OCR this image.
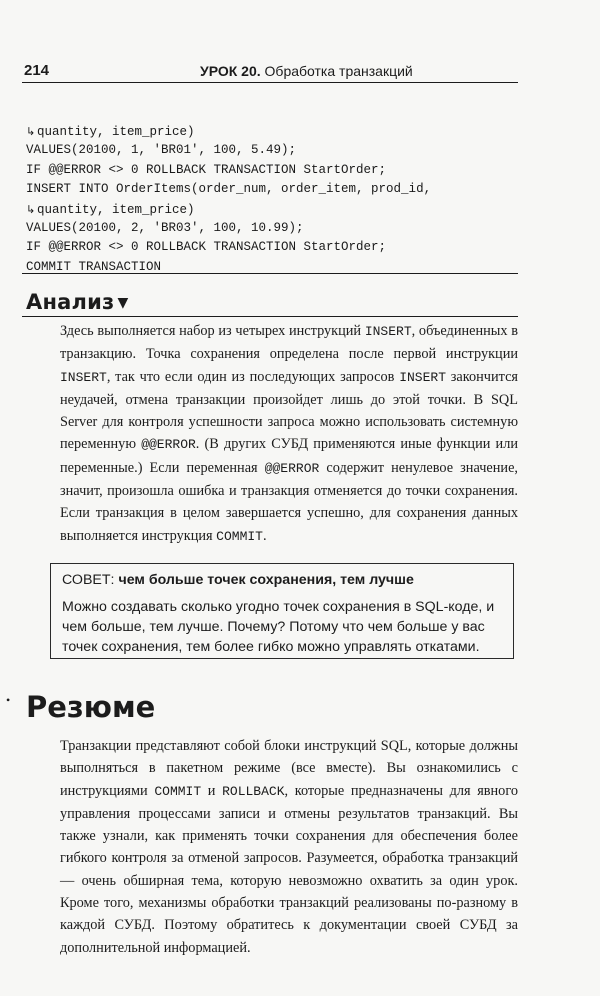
214	УРОК 20. Обработка транзакций
↳ quantity, item_price)
VALUES(20100, 1, 'BR01', 100, 5.49);
IF @@ERROR <> 0 ROLLBACK TRANSACTION StartOrder;
INSERT INTO OrderItems(order_num, order_item, prod_id,
↳ quantity, item_price)
VALUES(20100, 2, 'BR03', 100, 10.99);
IF @@ERROR <> 0 ROLLBACK TRANSACTION StartOrder;
COMMIT TRANSACTION
Анализ ▼
Здесь выполняется набор из четырех инструкций INSERT, объединенных в транзакцию. Точка сохранения определена после первой инструкции INSERT, так что если один из последующих запросов INSERT закончится неудачей, отмена транзакции произойдет лишь до этой точки. В SQL Server для контроля успешности запроса можно использовать системную переменную @@ERROR. (В других СУБД применяются иные функции или переменные.) Если переменная @@ERROR содержит ненулевое значение, значит, произошла ошибка и транзакция отменяется до точки сохранения. Если транзакция в целом завершается успешно, для сохранения данных выполняется инструкция COMMIT.
СОВЕТ: чем больше точек сохранения, тем лучше
Можно создавать сколько угодно точек сохранения в SQL-коде, и чем больше, тем лучше. Почему? Потому что чем больше у вас точек сохранения, тем более гибко можно управлять откатами.
• Резюме
Транзакции представляют собой блоки инструкций SQL, которые должны выполняться в пакетном режиме (все вместе). Вы ознакомились с инструкциями COMMIT и ROLLBACK, которые предназначены для явного управления процессами записи и отмены результатов транзакций. Вы также узнали, как применять точки сохранения для обеспечения более гибкого контроля за отменой запросов. Разумеется, обработка транзакций — очень обширная тема, которую невозможно охватить за один урок. Кроме того, механизмы обработки транзакций реализованы по-разному в каждой СУБД. Поэтому обратитесь к документации своей СУБД за дополнительной информацией.
